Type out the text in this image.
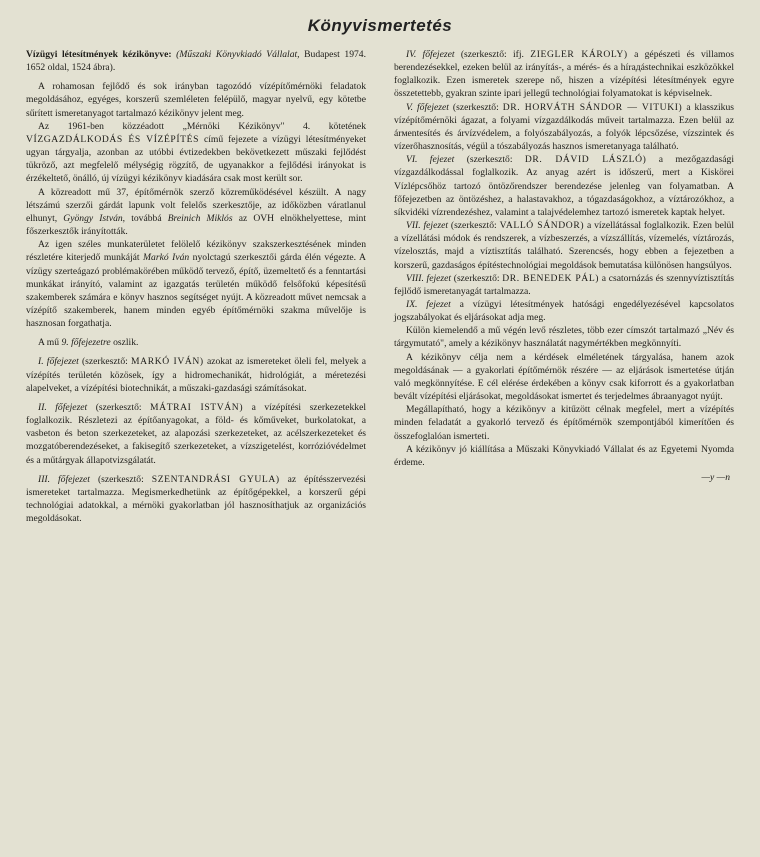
Könyvismertetés

Vízügyi létesítmények kézikönyve: (Műszaki Könyvkiadó Vállalat, Budapest 1974. 1652 oldal, 1524 ábra).

A rohamosan fejlődő és sok irányban tagozódó vízépítőmérnöki feladatok megoldásához, egyéges, korszerű szemléleten felépülő, magyar nyelvű, egy kötetbe sűrített ismeretanyagot tartalmazó kézikönyv jelent meg.

Az 1961-ben közzéadott „Mérnöki Kézikönyv" 4. kötetének VÍZGAZDÁLKODÁS ÉS VÍZÉPÍTÉS című fejezete a vízügyi létesítményeket ugyan tárgyalja, azonban az utóbbi évtizedekben bekövetkezett műszaki fejlődést tükröző, azt megfelelő mélységig rögzítő, de ugyanakkor a fejlődési irányokat is érzékeltető, önálló, új vízügyi kézikönyv kiadására csak most került sor.

A közreadott mű 37, építőmérnök szerző közreműködésével készült. A nagy létszámú szerzői gárdát lapunk volt felelős szerkesztője, az időközben váratlanul elhunyt, Gyöngy István, továbbá Breinich Miklós az OVH elnökhelyettese, mint főszerkesztők irányították.

Az igen széles munkaterületet felölelő kézikönyv szakszerkesztésének minden részletére kiterjedő munkáját Markó Iván nyolctagú szerkesztői gárda élén végezte. A vízügy szerteágazó problémakörében működő tervező, építő, üzemeltető és a fenntartási munkákat irányító, valamint az igazgatás területén működő felsőfokú képesítésű szakemberek számára e könyv hasznos segítséget nyújt. A közreadott művet nemcsak a vízépítő szakemberek, hanem minden egyéb építőmérnöki szakma művelője is hasznosan forgathatja.

A mű 9. főfejezetre oszlik.

I. főfejezet (szerkesztő: MARKÓ IVÁN) azokat az ismereteket öleli fel, melyek a vízépítés területén közösek, így a hidromechanikát, hidrológiát, a méretezési alapelveket, a vízépítési biotechnikát, a műszaki-gazdasági számításokat.

II. főfejezet (szerkesztő: MÁTRAI ISTVÁN) a vízépítési szerkezetekkel foglalkozik. Részletezi az építőanyagokat, a föld- és kőműveket, burkolatokat, a vasbeton és beton szerkezeteket, az alapozási szerkezeteket, az acélszerkezeteket és mozgatóberendezéseket, a fakisegítő szerkezeteket, a vízszigetelést, korrózióvédelmet és a műtárgyak állapotvizsgálatát.

III. főfejezet (szerkesztő: SZENTANDRÁSI GYULA) az építésszervezési ismereteket tartalmazza. Megismerkedhetünk az építőgépekkel, a korszerű gépi technológiai adatokkal, a mérnöki gyakorlatban jól hasznosíthatjuk az organizációs megoldásokat.

IV. főfejezet (szerkesztő: ifj. ZIEGLER KÁROLY) a gépészeti és villamos berendezésekkel, ezeken belül az irányítás-, a mérés- és a hírадástechnikai eszközökkel foglalkozik. Ezen ismeretek szerepe nő, hiszen a vízépítési létesítmények egyre összetettebb, gyakran szinte ipari jellegű technológiai folyamatokat is képviselnek.

V. főfejezet (szerkesztő: DR. HORVÁTH SÁNDOR — VITUKI) a klasszikus vízépítőmérnöki ágazat, a folyami vízgazdálkodás műveit tartalmazza. Ezen belül az árмentesítés és árvízvédelem, a folyószabályozás, a folyók lépcsőzése, vízszintek és vízerőhasznosítás, végül a tószabályozás hasznos ismeretanyaga található.

VI. fejezet (szerkesztő: DR. DÁVID LÁSZLÓ) a mezőgazdasági vízgazdálkodással foglalkozik. Az anyag azért is időszerű, mert a Kiskörei Vízlépcsőhöz tartozó öntözőrendszer berendezése jelenleg van folyamatban. A főfejezetben az öntözéshez, a halastavakhoz, a tógazdaságokhoz, a víztározókhoz, a síkvidéki vízrendezéshez, valamint a talajvédelemhez tartozó ismeretek kaptak helyet.

VII. fejezet (szerkesztő: VALLÓ SÁNDOR) a vízellátással foglalkozik. Ezen belül a vízellátási módok és rendszerek, a vízbeszerzés, a vízszállítás, vízemelés, víztározás, vízelosztás, majd a víztisztítás található. Szerencsés, hogy ebben a fejezetben a korszerű, gazdaságos építéstechnológiai megoldások bemutatása különösen hangsúlyos.

VIII. fejezet (szerkesztő: DR. BENEDEK PÁL) a csatornázás és szennyvíztisztítás fejlődő ismeretanyagát tartalmazza.

IX. fejezet a vízügyi létesítmények hatósági engedélyezésével kapcsolatos jogszabályokat és eljárásokat adja meg.

Külön kiemelendő a mű végén levő részletes, több ezer címszót tartalmazó „Név és tárgymutató", amely a kézikönyv használatát nagymértékben megkönnyíti.

A kézikönyv célja nem a kérdések elméletének tárgyalása, hanem azok megoldásának — a gyakorlati építőmérnök részére — az eljárások ismertetése útján való megkönnyítése. E cél elérése érdekében a könyv csak kiforrott és a gyakorlatban bevált vízépítési eljárásokat, megoldásokat ismertet és terjedelmes ábraanyagot nyújt.

Megállapítható, hogy a kézikönyv a kitűzött célnak megfelel, mert a vízépítés minden feladatát a gyakorló tervező és építőmérnök szempontjából kimerítően és összefoglalóan ismerteti.

A kézikönyv jó kiállítása a Műszaki Könyvkiadó Vállalat és az Egyetemi Nyomda érdeme.

—y —n
